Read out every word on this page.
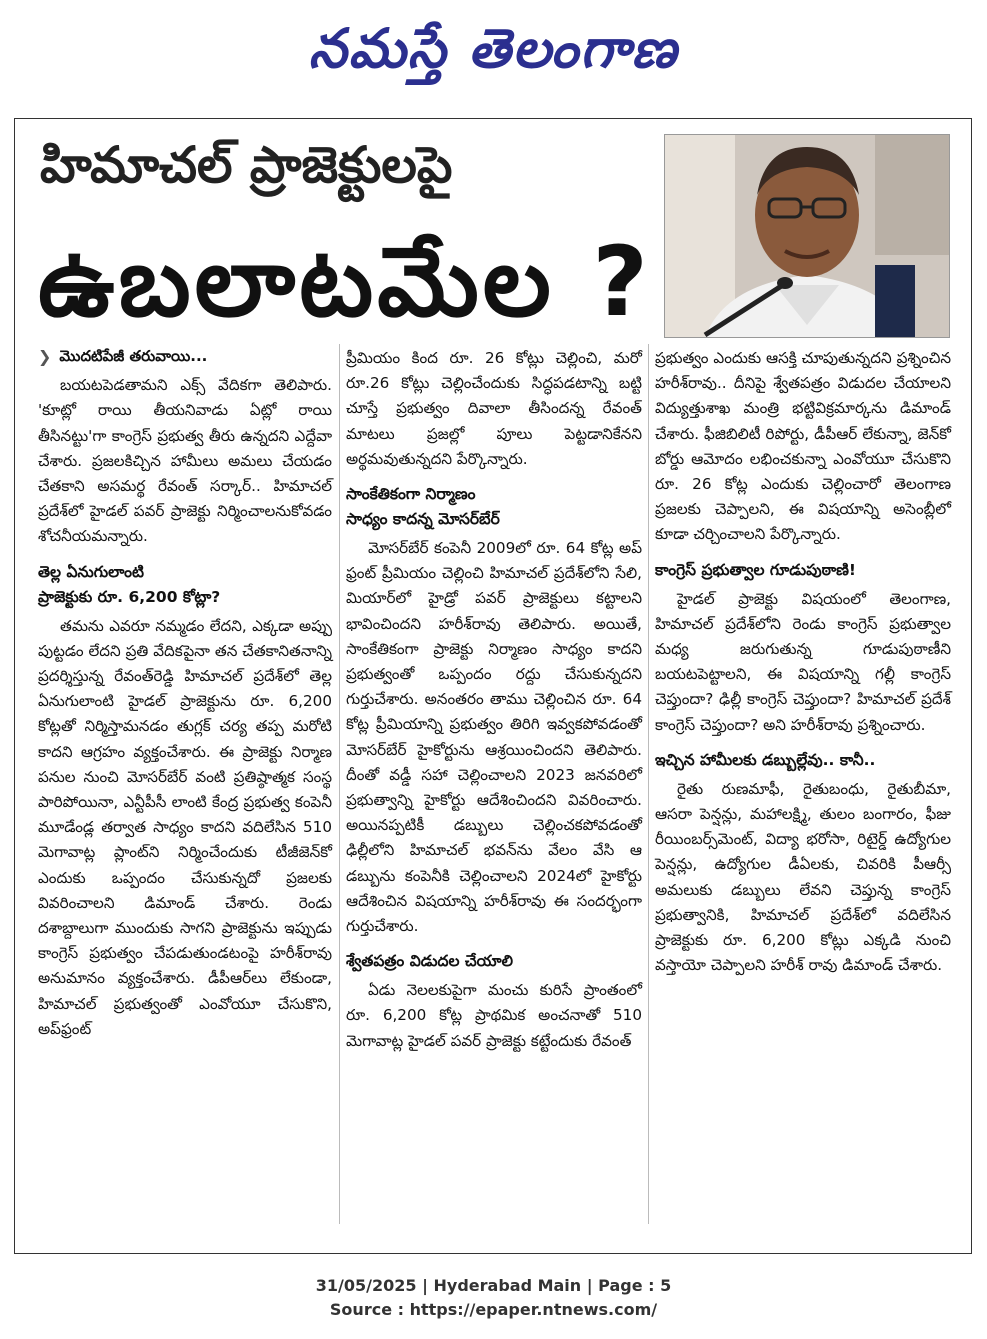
నమస్తే తెలంగాణ
హిమాచల్ ప్రాజెక్టులపై
ఉబలాటమేల ?
❯ మొదటిపేజీ తరువాయి...

బయటపెడతామని ఎక్స్ వేదికగా తెలిపారు. 'కూట్లో రాయి తీయనివాడు ఏట్లో రాయి తీసినట్టు'గా కాంగ్రెస్ ప్రభుత్వ తీరు ఉన్నదని ఎద్దేవా చేశారు. ప్రజలకిచ్చిన హామీలు అమలు చేయడం చేతకాని అసమర్థ రేవంత్ సర్కార్.. హిమాచల్ ప్రదేశ్‌లో హైడల్ పవర్ ప్రాజెక్టు నిర్మించాలనుకోవడం శోచనీయమన్నారు.

తెల్ల ఏనుగులాంటి
ప్రాజెక్టుకు రూ. 6,200 కోట్లా?

తమను ఎవరూ నమ్మడం లేదని, ఎక్కడా అప్పు పుట్టడం లేదని ప్రతి వేదికపైనా తన చేతకానితనాన్ని ప్రదర్శిస్తున్న రేవంత్‌రెడ్డి హిమాచల్ ప్రదేశ్‌లో తెల్ల ఏనుగులాంటి హైడల్ ప్రాజెక్టును రూ. 6,200 కోట్లతో నిర్మిస్తామనడం తుగ్లక్ చర్య తప్ప మరోటి కాదని ఆగ్రహం వ్యక్తంచేశారు. ఈ ప్రాజెక్టు నిర్మాణ పనుల నుంచి మోసర్‌బేర్ వంటి ప్రతిష్ఠాత్మక సంస్థ పారిపోయినా, ఎన్టీపీసీ లాంటి కేంద్ర ప్రభుత్వ కంపెనీ మూడేండ్ల తర్వాత సాధ్యం కాదని వదిలేసిన 510 మెగావాట్ల ప్లాంట్‌ని నిర్మించేందుకు టీజీజెన్‌కో ఎందుకు ఒప్పందం చేసుకున్నదో ప్రజలకు వివరించాలని డిమాండ్ చేశారు. రెండు దశాబ్దాలుగా ముందుకు సాగని ప్రాజెక్టును ఇప్పుడు కాంగ్రెస్ ప్రభుత్వం చేపడుతుండటంపై హరీశ్‌రావు అనుమానం వ్యక్తంచేశారు. డీపీఆర్‌లు లేకుండా, హిమాచల్ ప్రభుత్వంతో ఎంవోయూ చేసుకొని, అప్‌ఫ్రంట్

ప్రీమియం కింద రూ. 26 కోట్లు చెల్లించి, మరో రూ.26 కోట్లు చెల్లించేందుకు సిద్ధపడటాన్ని బట్టి చూస్తే ప్రభుత్వం దివాలా తీసిందన్న రేవంత్ మాటలు ప్రజల్లో పూలు పెట్టడానికేనని అర్థమవుతున్నదని పేర్కొన్నారు.

సాంకేతికంగా నిర్మాణం
సాధ్యం కాదన్న మోసర్‌బేర్

మోసర్‌బేర్ కంపెనీ 2009లో రూ. 64 కోట్ల అప్ ఫ్రంట్ ప్రీమియం చెల్లించి హిమాచల్ ప్రదేశ్‌లోని సేలి, మియార్‌లో హైడ్రో పవర్ ప్రాజెక్టులు కట్టాలని భావించిందని హరీశ్‌రావు తెలిపారు. అయితే, సాంకేతికంగా ప్రాజెక్టు నిర్మాణం సాధ్యం కాదని ప్రభుత్వంతో ఒప్పందం రద్దు చేసుకున్నదని గుర్తుచేశారు. అనంతరం తాము చెల్లించిన రూ. 64 కోట్ల ప్రీమియాన్ని ప్రభుత్వం తిరిగి ఇవ్వకపోవడంతో మోసర్‌బేర్ హైకోర్టును ఆశ్రయించిందని తెలిపారు. దీంతో వడ్డీ సహా చెల్లించాలని 2023 జనవరిలో ప్రభుత్వాన్ని హైకోర్టు ఆదేశించిందని వివరించారు. అయినప్పటికీ డబ్బులు చెల్లించకపోవడంతో ఢిల్లీలోని హిమాచల్ భవన్‌ను వేలం వేసి ఆ డబ్బును కంపెనీకి చెల్లించాలని 2024లో హైకోర్టు ఆదేశించిన విషయాన్ని హరీశ్‌రావు ఈ సందర్భంగా గుర్తుచేశారు.

శ్వేతపత్రం విడుదల చేయాలి

ఏడు నెలలకుపైగా మంచు కురిసే ప్రాంతంలో రూ. 6,200 కోట్ల ప్రాథమిక అంచనాతో 510 మెగావాట్ల హైడల్ పవర్ ప్రాజెక్టు కట్టేందుకు రేవంత్

ప్రభుత్వం ఎందుకు ఆసక్తి చూపుతున్నదని ప్రశ్నించిన హరీశ్‌రావు.. దీనిపై శ్వేతపత్రం విడుదల చేయాలని విద్యుత్తుశాఖ మంత్రి భట్టివిక్రమార్కను డిమాండ్ చేశారు. ఫీజిబిలిటీ రిపోర్టు, డీపీఆర్ లేకున్నా, జెన్‌కో బోర్డు ఆమోదం లభించకున్నా ఎంవోయూ చేసుకొని రూ. 26 కోట్ల ఎందుకు చెల్లించారో తెలంగాణ ప్రజలకు చెప్పాలని, ఈ విషయాన్ని అసెంబ్లీలో కూడా చర్చించాలని పేర్కొన్నారు.

కాంగ్రెస్ ప్రభుత్వాల గూడుపుఠాణి!

హైడల్ ప్రాజెక్టు విషయంలో తెలంగాణ, హిమాచల్ ప్రదేశ్‌లోని రెండు కాంగ్రెస్ ప్రభుత్వాల మధ్య జరుగుతున్న గూడుపుఠాణీని బయటపెట్టాలని, ఈ విషయాన్ని గల్లీ కాంగ్రెస్ చెప్తుందా? ఢిల్లీ కాంగ్రెస్ చెప్తుందా? హిమాచల్ ప్రదేశ్ కాంగ్రెస్ చెప్తుందా? అని హరీశ్‌రావు ప్రశ్నించారు.

ఇచ్చిన హామీలకు డబ్బుల్లేవు.. కానీ..

రైతు రుణమాఫీ, రైతుబంధు, రైతుబీమా, ఆసరా పెన్షన్లు, మహాలక్ష్మి, తులం బంగారం, ఫీజు రీయింబర్స్‌మెంట్, విద్యా భరోసా, రిటైర్డ్ ఉద్యోగుల పెన్షన్లు, ఉద్యోగుల డీఏలకు, చివరికి పీఆర్సీ అమలుకు డబ్బులు లేవని చెప్తున్న కాంగ్రెస్ ప్రభుత్వానికి, హిమాచల్ ప్రదేశ్‌లో వదిలేసిన ప్రాజెక్టుకు రూ. 6,200 కోట్లు ఎక్కడి నుంచి వస్తాయో చెప్పాలని హరీశ్ రావు డిమాండ్ చేశారు.

31/05/2025 | Hyderabad Main | Page : 5
Source : https://epaper.ntnews.com/
